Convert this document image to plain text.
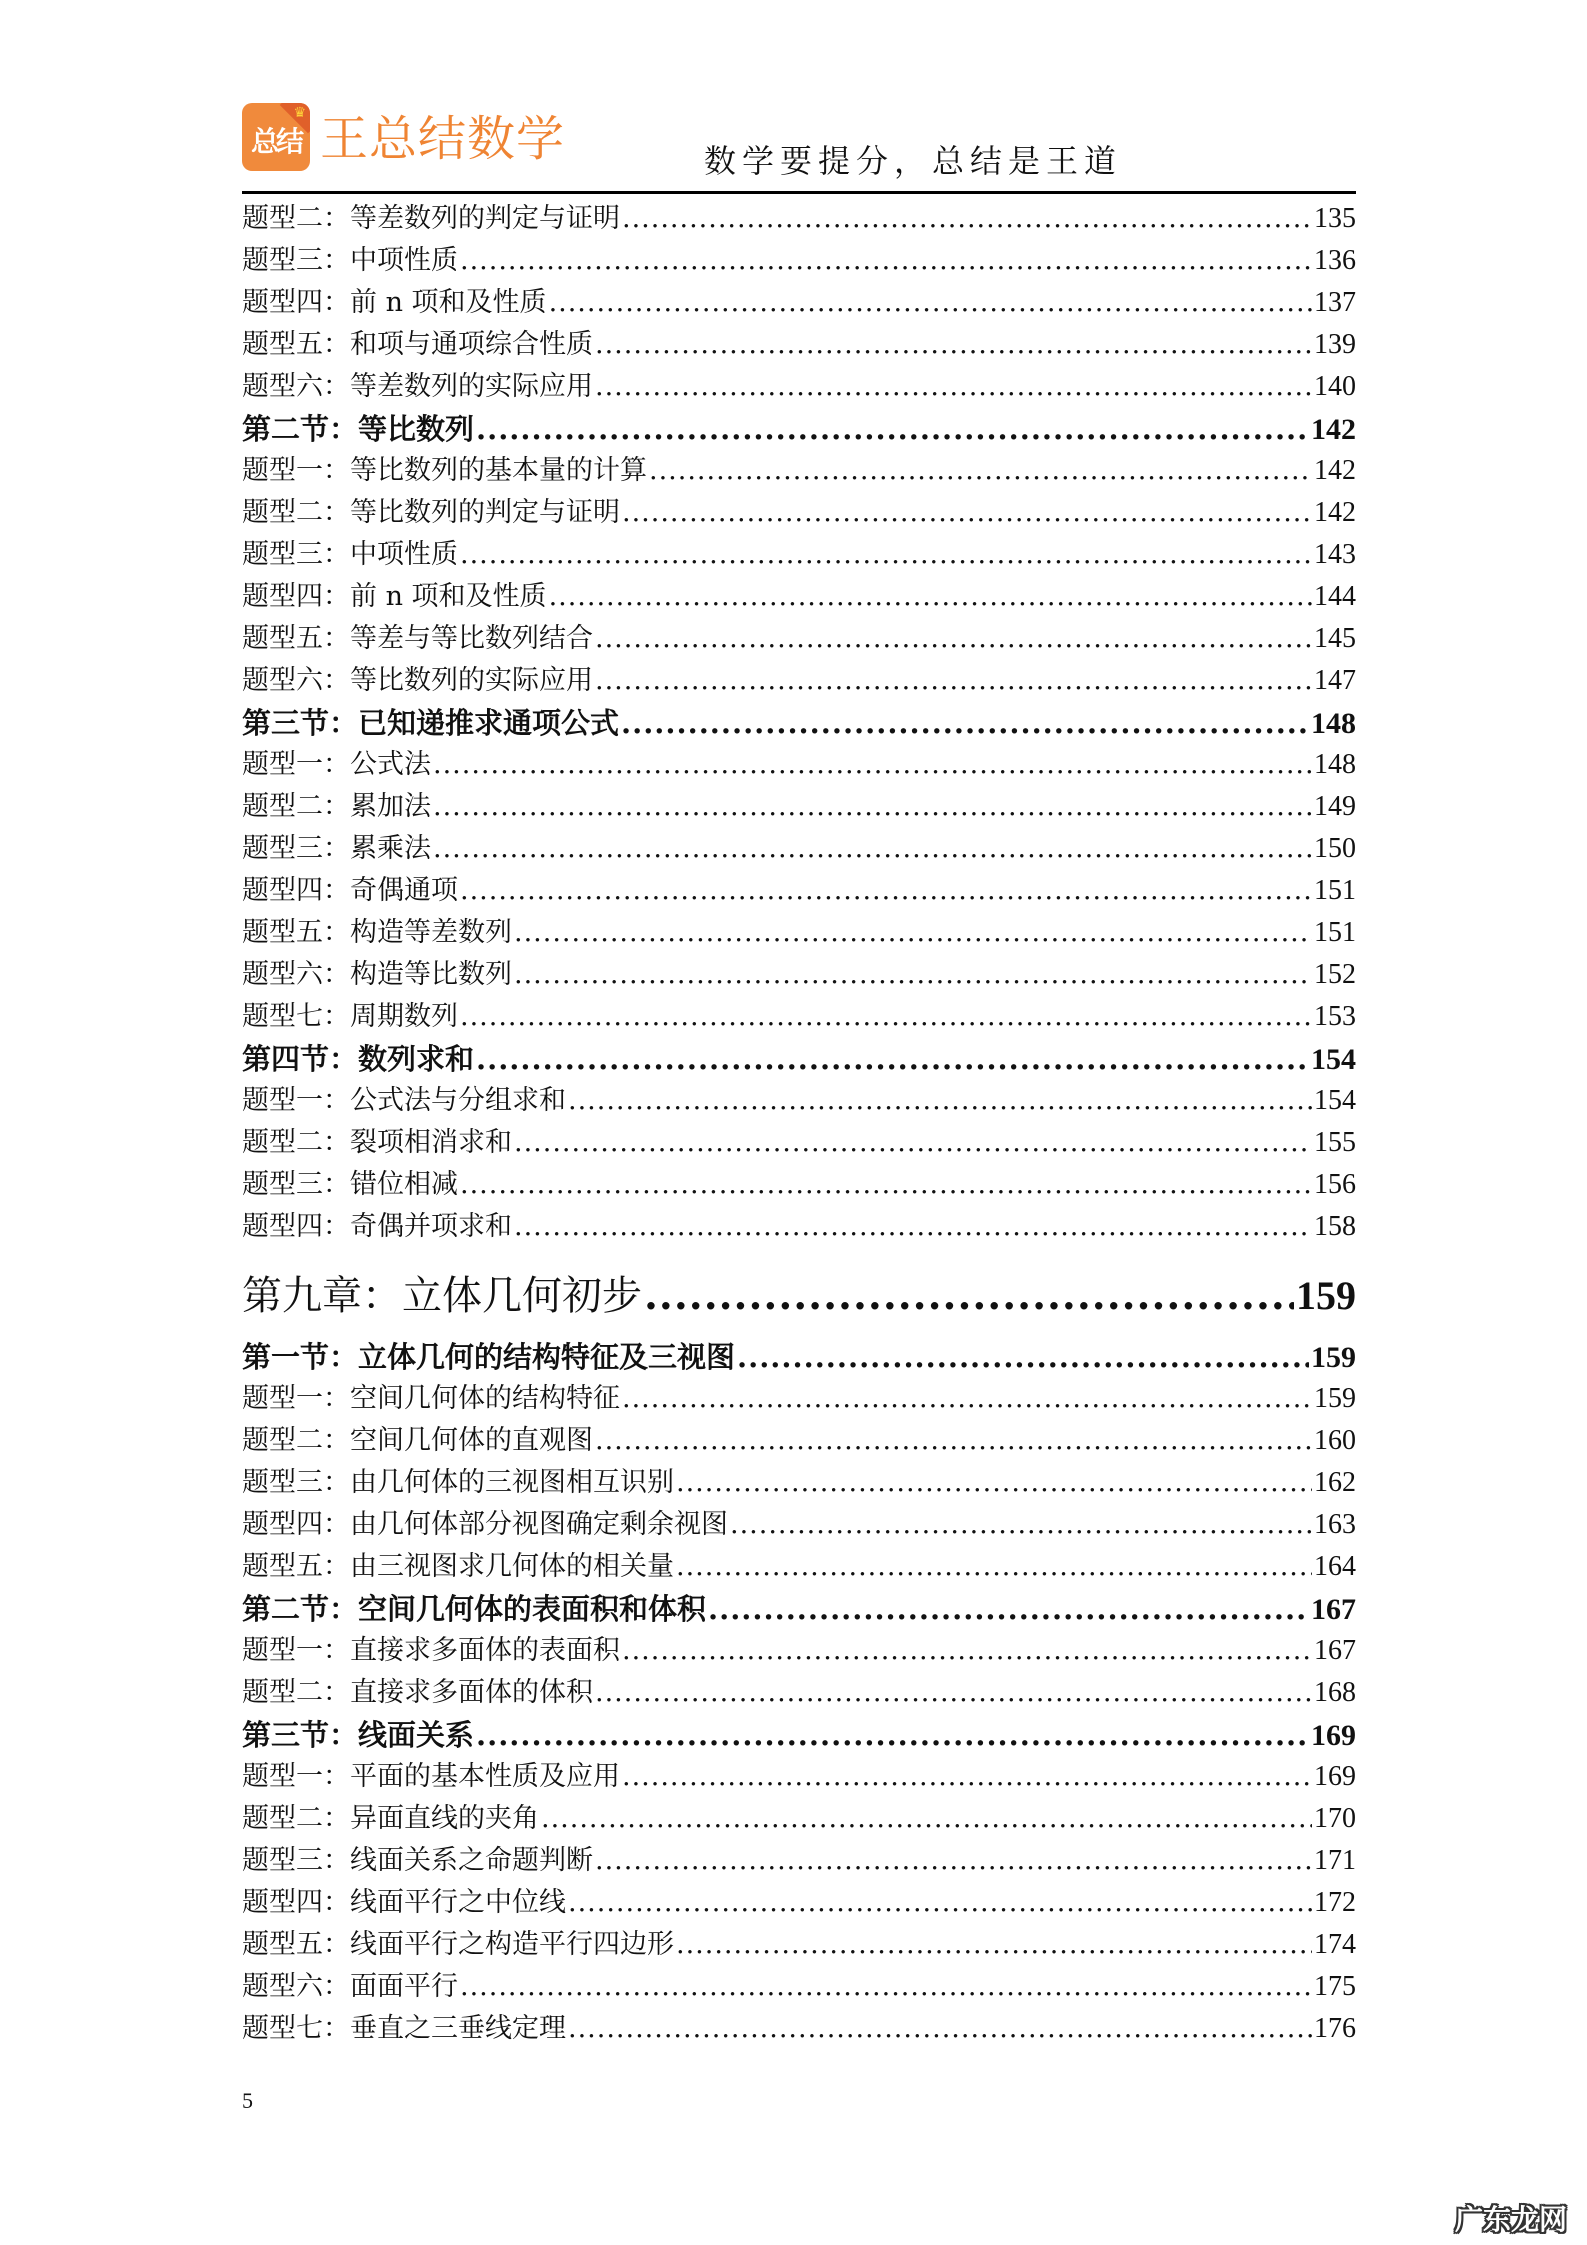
♛
总结 王总结数学	数学要提分，总结是王道
题型二：等差数列的判定与证明 .....	135
题型三：中项性质 .....	136
题型四：前 n 项和及性质 .....	137
题型五：和项与通项综合性质 .....	139
题型六：等差数列的实际应用 .....	140
第二节：等比数列 .....	142
题型一：等比数列的基本量的计算 .....	142
题型二：等比数列的判定与证明 .....	142
题型三：中项性质 .....	143
题型四：前 n 项和及性质 .....	144
题型五：等差与等比数列结合 .....	145
题型六：等比数列的实际应用 .....	147
第三节：已知递推求通项公式 .....	148
题型一：公式法 .....	148
题型二：累加法 .....	149
题型三：累乘法 .....	150
题型四：奇偶通项 .....	151
题型五：构造等差数列 .....	151
题型六：构造等比数列 .....	152
题型七：周期数列 .....	153
第四节：数列求和 .....	154
题型一：公式法与分组求和 .....	154
题型二：裂项相消求和 .....	155
题型三：错位相减 .....	156
题型四：奇偶并项求和 .....	158
第九章：立体几何初步 .....	159
第一节：立体几何的结构特征及三视图 .....	159
题型一：空间几何体的结构特征 .....	159
题型二：空间几何体的直观图 .....	160
题型三：由几何体的三视图相互识别 .....	162
题型四：由几何体部分视图确定剩余视图 .....	163
题型五：由三视图求几何体的相关量 .....	164
第二节：空间几何体的表面积和体积 .....	167
题型一：直接求多面体的表面积 .....	167
题型二：直接求多面体的体积 .....	168
第三节：线面关系 .....	169
题型一：平面的基本性质及应用 .....	169
题型二：异面直线的夹角 .....	170
题型三：线面关系之命题判断 .....	171
题型四：线面平行之中位线 .....	172
题型五：线面平行之构造平行四边形 .....	174
题型六：面面平行 .....	175
题型七：垂直之三垂线定理 .....	176
5
广东龙网
